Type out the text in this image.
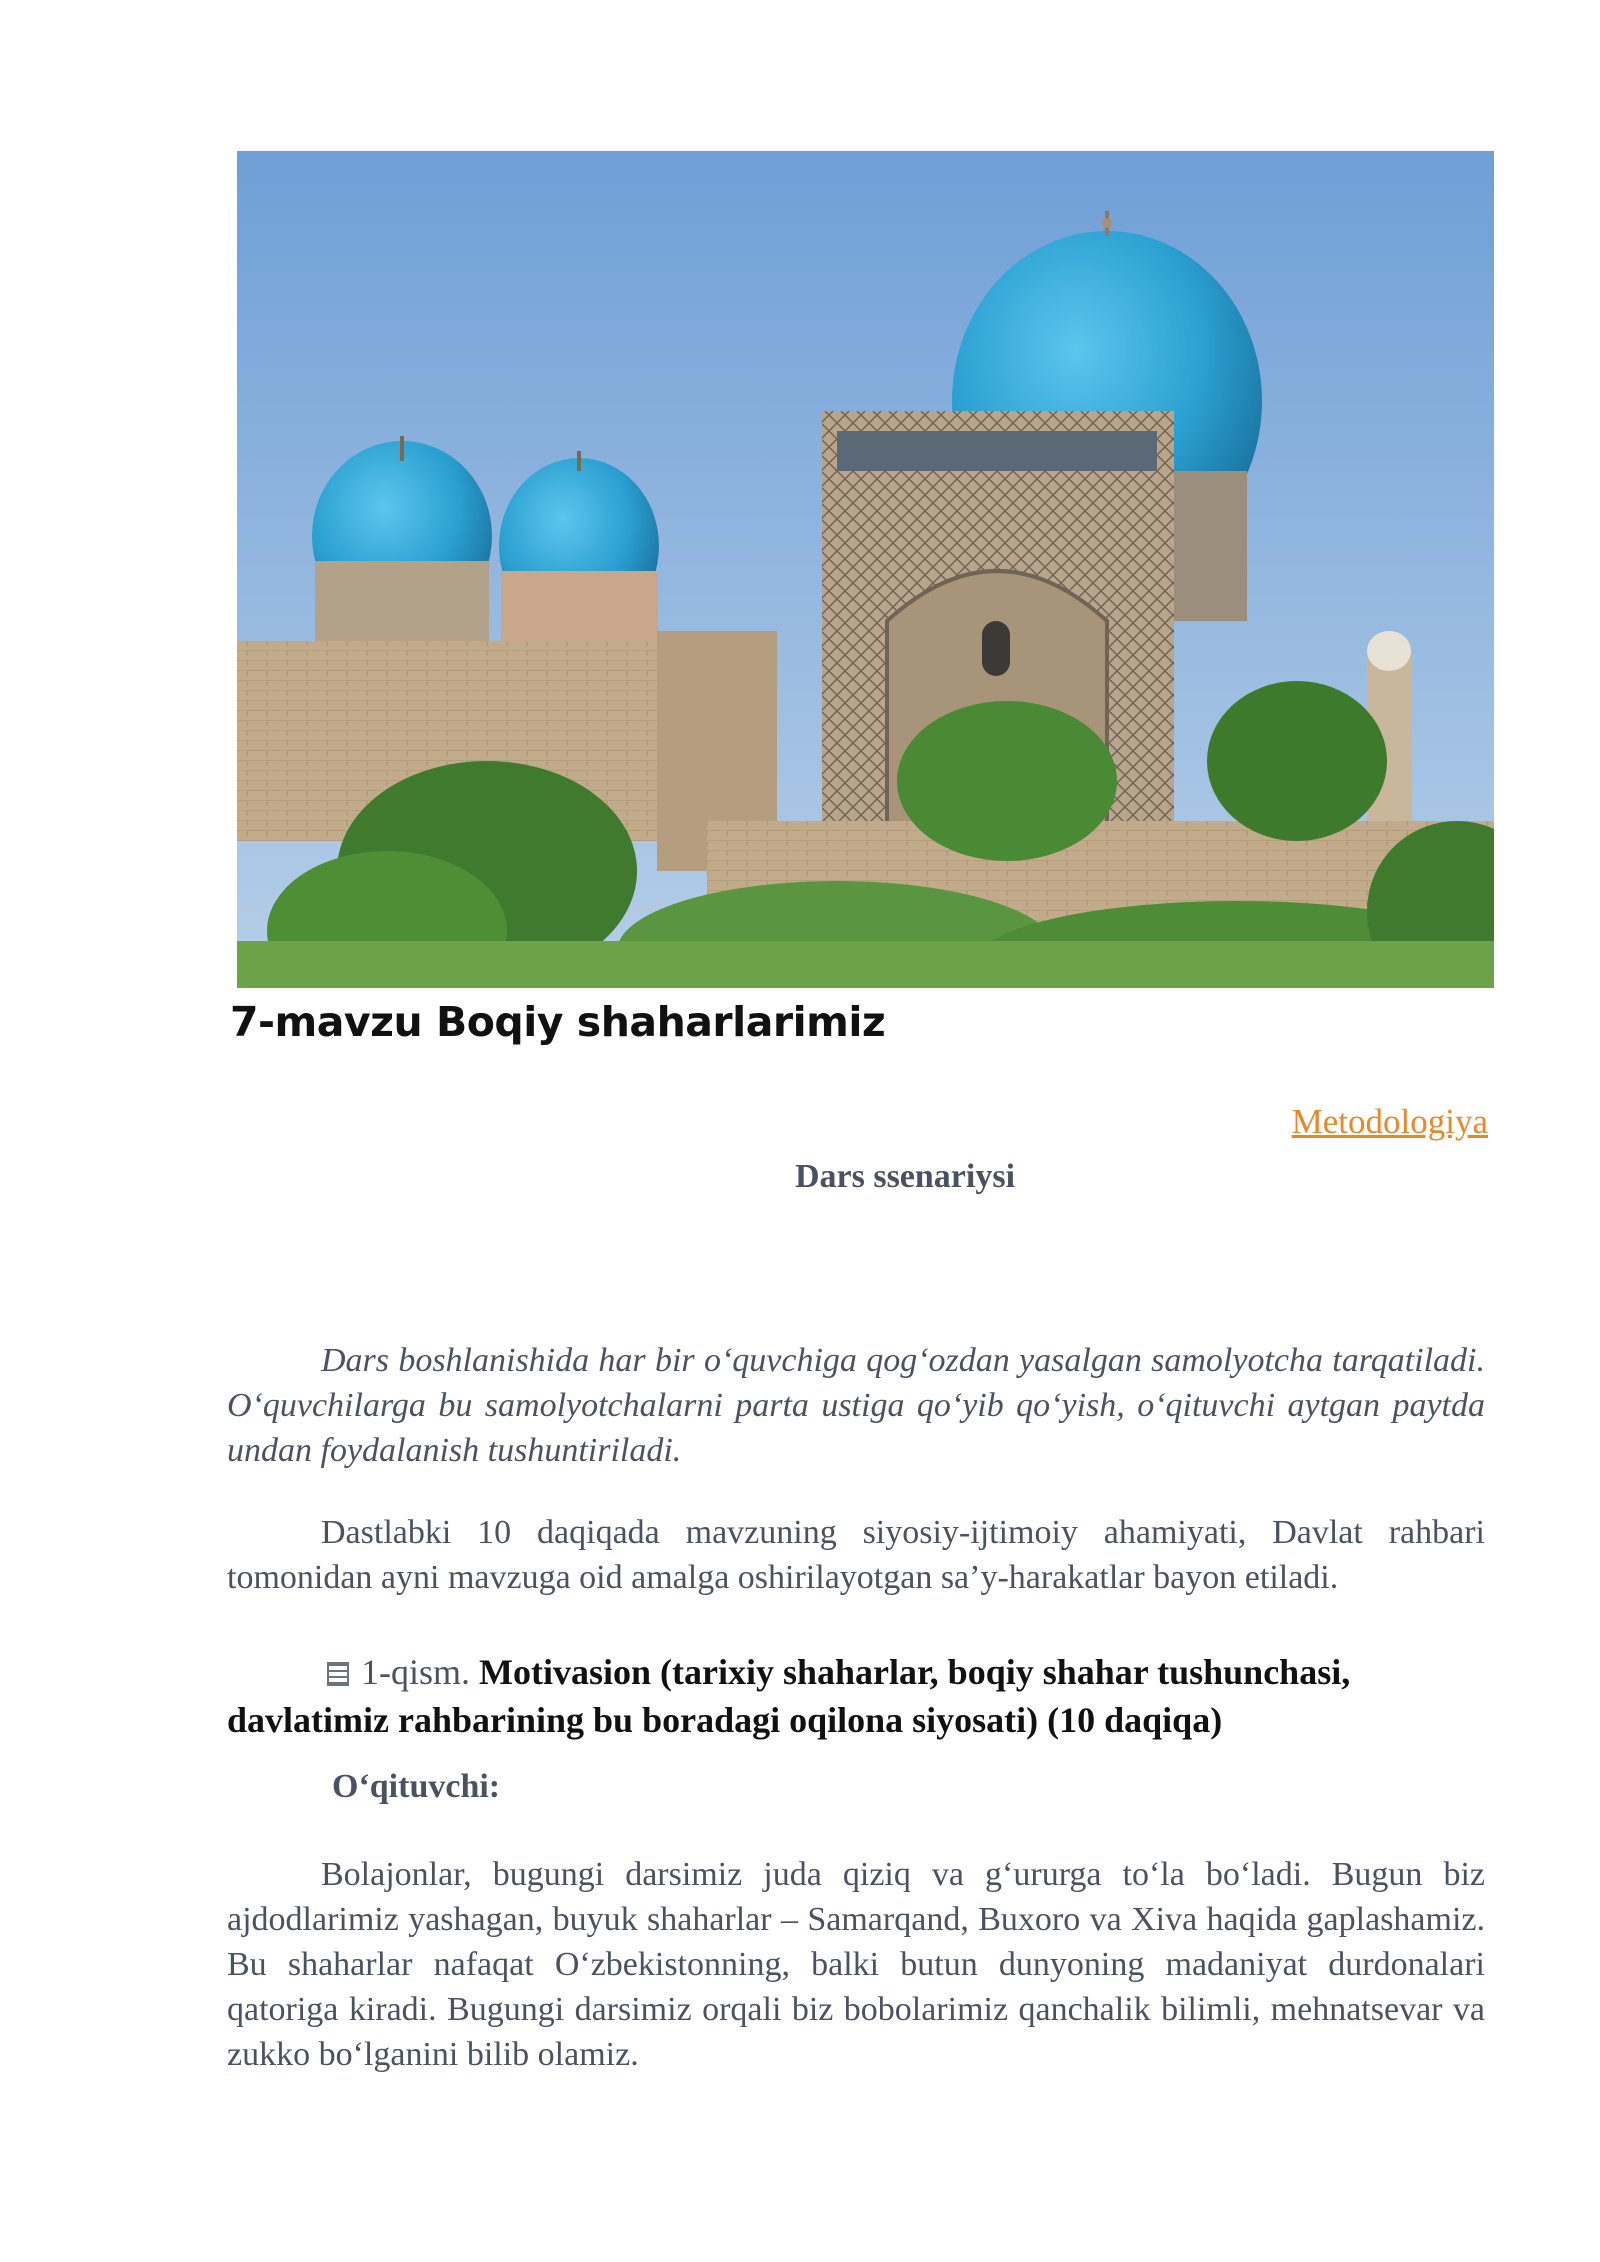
7-mavzu Boqiy shaharlarimiz
Metodologiya
Dars ssenariysi

Dars boshlanishida har bir o‘quvchiga qog‘ozdan yasalgan samolyotcha tarqatiladi. O‘quvchilarga bu samolyotchalarni parta ustiga qo‘yib qo‘yish, o‘qituvchi aytgan paytda undan foydalanish tushuntiriladi.

Dastlabki 10 daqiqada mavzuning siyosiy-ijtimoiy ahamiyati, Davlat rahbari tomonidan ayni mavzuga oid amalga oshirilayotgan sa’y-harakatlar bayon etiladi.

1-qism. Motivasion (tarixiy shaharlar, boqiy shahar tushunchasi, davlatimiz rahbarining bu boradagi oqilona siyosati) (10 daqiqa)

O‘qituvchi:

Bolajonlar, bugungi darsimiz juda qiziq va g‘ururga to‘la bo‘ladi. Bugun biz ajdodlarimiz yashagan, buyuk shaharlar – Samarqand, Buxoro va Xiva haqida gaplashamiz. Bu shaharlar nafaqat O‘zbekistonning, balki butun dunyoning madaniyat durdonalari qatoriga kiradi. Bugungi darsimiz orqali biz bobolarimiz qanchalik bilimli, mehnatsevar va zukko bo‘lganini bilib olamiz.
